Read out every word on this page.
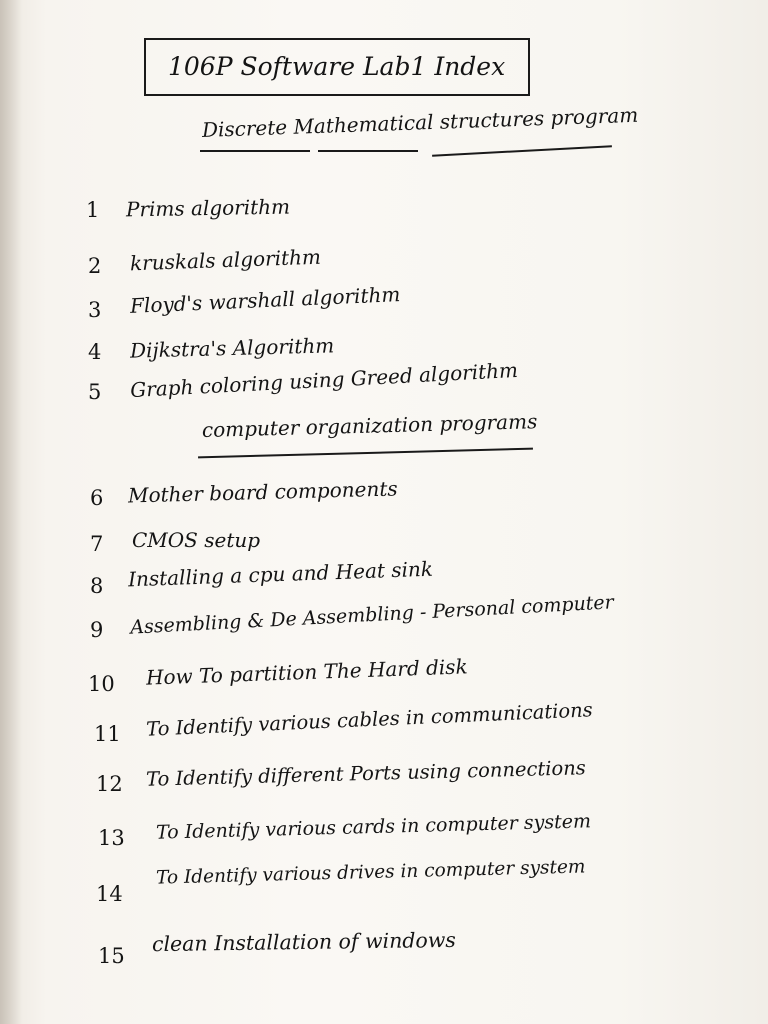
106P Software Lab1 Index
Discrete Mathematical structures program
1 Prims algorithm
2 kruskals algorithm
3 Floyd's warshall algorithm
4 Dijkstra's Algorithm
5 Graph coloring using Greed algorithm
computer organization programs
6 Mother board components
7 CMOS setup
8 Installing a cpu and Heat sink
9 Assembling & De Assembling - Personal computer
10 How To partition The Hard disk
11 To Identify various cables in communications
12 To Identify different Ports using connections
13 To Identify various cards in computer system
14
To Identify various drives in computer system
15 clean Installation of windows
